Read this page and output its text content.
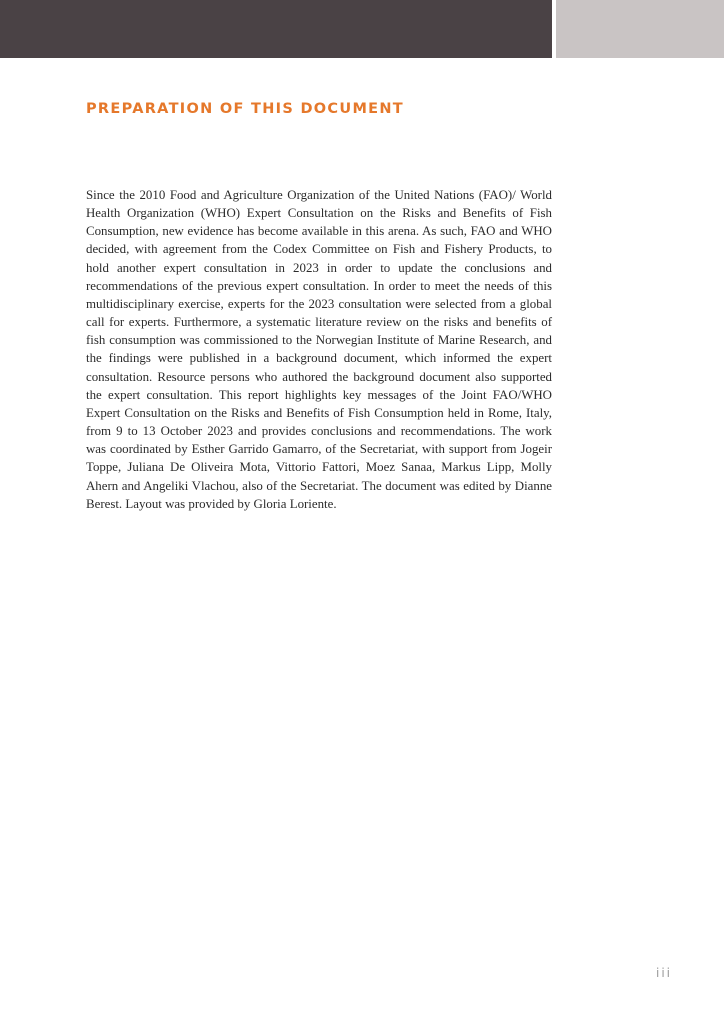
PREPARATION OF THIS DOCUMENT

Since the 2010 Food and Agriculture Organization of the United Nations (FAO)/ World Health Organization (WHO) Expert Consultation on the Risks and Benefits of Fish Consumption, new evidence has become available in this arena. As such, FAO and WHO decided, with agreement from the Codex Committee on Fish and Fishery Products, to hold another expert consultation in 2023 in order to update the conclusions and recommendations of the previous expert consultation. In order to meet the needs of this multidisciplinary exercise, experts for the 2023 consultation were selected from a global call for experts. Furthermore, a systematic literature review on the risks and benefits of fish consumption was commissioned to the Norwegian Institute of Marine Research, and the findings were published in a background document, which informed the expert consultation. Resource persons who authored the background document also supported the expert consultation. This report highlights key messages of the Joint FAO/WHO Expert Consultation on the Risks and Benefits of Fish Consumption held in Rome, Italy, from 9 to 13 October 2023 and provides conclusions and recommendations. The work was coordinated by Esther Garrido Gamarro, of the Secretariat, with support from Jogeir Toppe, Juliana De Oliveira Mota, Vittorio Fattori, Moez Sanaa, Markus Lipp, Molly Ahern and Angeliki Vlachou, also of the Secretariat. The document was edited by Dianne Berest. Layout was provided by Gloria Loriente.

iii
